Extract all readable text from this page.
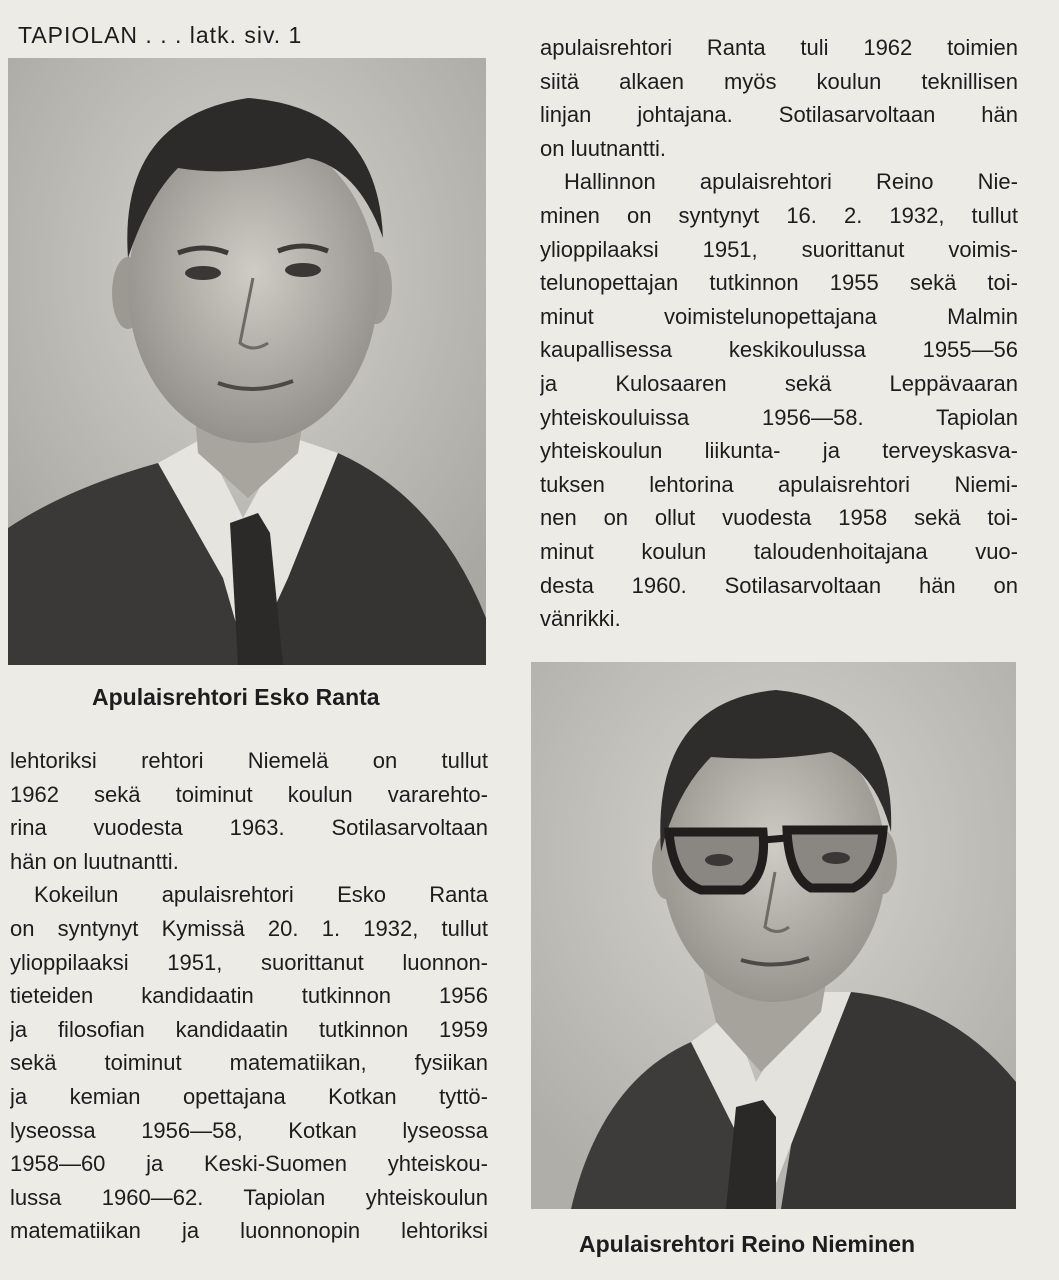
TAPIOLAN . . . latk. siv. 1
Apulaisrehtori Esko Ranta
apulaisrehtori Ranta tuli 1962 toimien
siitä alkaen myös koulun teknillisen
linjan johtajana. Sotilasarvoltaan hän
on luutnantti.
Hallinnon apulaisrehtori Reino Nie-
minen on syntynyt 16. 2. 1932, tullut
ylioppilaaksi 1951, suorittanut voimis-
telunopettajan tutkinnon 1955 sekä toi-
minut voimistelunopettajana Malmin
kaupallisessa keskikoulussa 1955—56
ja Kulosaaren sekä Leppävaaran
yhteiskouluissa 1956—58. Tapiolan
yhteiskoulun liikunta- ja terveyskasva-
tuksen lehtorina apulaisrehtori Niemi-
nen on ollut vuodesta 1958 sekä toi-
minut koulun taloudenhoitajana vuo-
desta 1960. Sotilasarvoltaan hän on
vänrikki.
lehtoriksi rehtori Niemelä on tullut
1962 sekä toiminut koulun vararehto-
rina vuodesta 1963. Sotilasarvoltaan
hän on luutnantti.
Kokeilun apulaisrehtori Esko Ranta
on syntynyt Kymissä 20. 1. 1932, tullut
ylioppilaaksi 1951, suorittanut luonnon-
tieteiden kandidaatin tutkinnon 1956
ja filosofian kandidaatin tutkinnon 1959
sekä toiminut matematiikan, fysiikan
ja kemian opettajana Kotkan tyttö-
lyseossa 1956—58, Kotkan lyseossa
1958—60 ja Keski-Suomen yhteiskou-
lussa 1960—62. Tapiolan yhteiskoulun
matematiikan ja luonnonopin lehtoriksi
Apulaisrehtori Reino Nieminen
